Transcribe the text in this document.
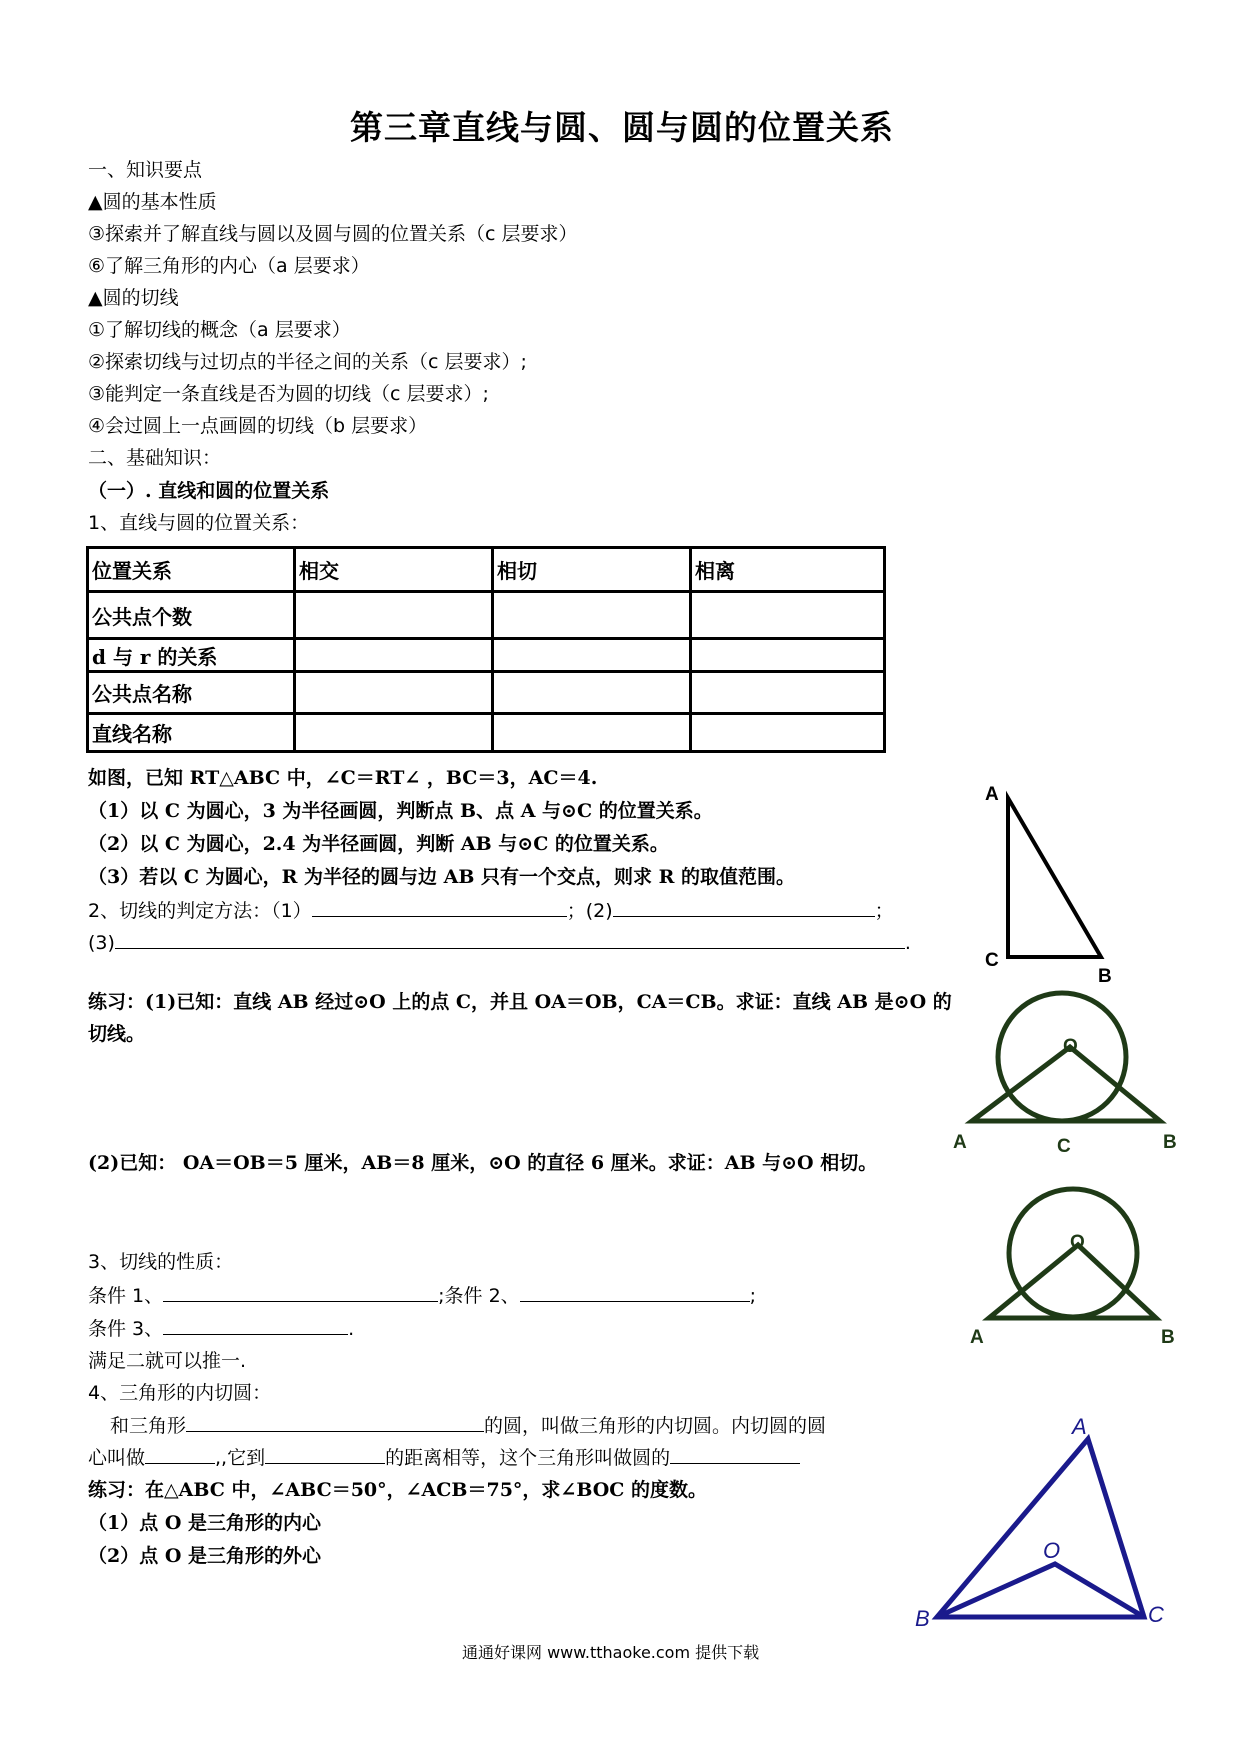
第三章直线与圆、圆与圆的位置关系
一、知识要点
▲圆的基本性质
③探索并了解直线与圆以及圆与圆的位置关系（c 层要求）
⑥了解三角形的内心（a 层要求）
▲圆的切线
①了解切线的概念（a 层要求）
②探索切线与过切点的半径之间的关系（c 层要求）;
③能判定一条直线是否为圆的切线（c 层要求）;
④会过圆上一点画圆的切线（b 层要求）
二、基础知识：
（一）. 直线和圆的位置关系
1、直线与圆的位置关系：
位置关系	相交	相切	相离
公共点个数			
d 与 r 的关系			
公共点名称			
直线名称			
如图，已知 RT△ABC 中，∠C＝RT∠ ，BC＝3，AC＝4.
（1）以 C 为圆心，3 为半径画圆，判断点 B、点 A 与⊙C 的位置关系。
（2）以 C 为圆心，2.4 为半径画圆，判断 AB 与⊙C 的位置关系。
（3）若以 C 为圆心，R 为半径的圆与边 AB 只有一个交点，则求 R 的取值范围。
2、切线的判定方法：（1）	；(2)	；
(3)	.
练习：(1)已知：直线 AB 经过⊙O 上的点 C，并且 OA＝OB，CA＝CB。求证：直线 AB 是⊙O 的
切线。
(2)已知： OA＝OB＝5 厘米，AB＝8 厘米，⊙O 的直径 6 厘米。求证：AB 与⊙O 相切。
3、切线的性质：
条件 1、	;条件 2、	;
条件 3、	.
满足二就可以推一.
4、三角形的内切圆：
和三角形	的圆，叫做三角形的内切圆。内切圆的圆
心叫做	,,它到	的距离相等，这个三角形叫做圆的
练习：在△ABC 中，∠ABC＝50°，∠ACB＝75°，求∠BOC 的度数。
（1）点 O 是三角形的内心
（2）点 O 是三角形的外心
A
C
B
O
A	C	B
O
A	B
A
O
B	C
通通好课网 www.tthaoke.com 提供下载
